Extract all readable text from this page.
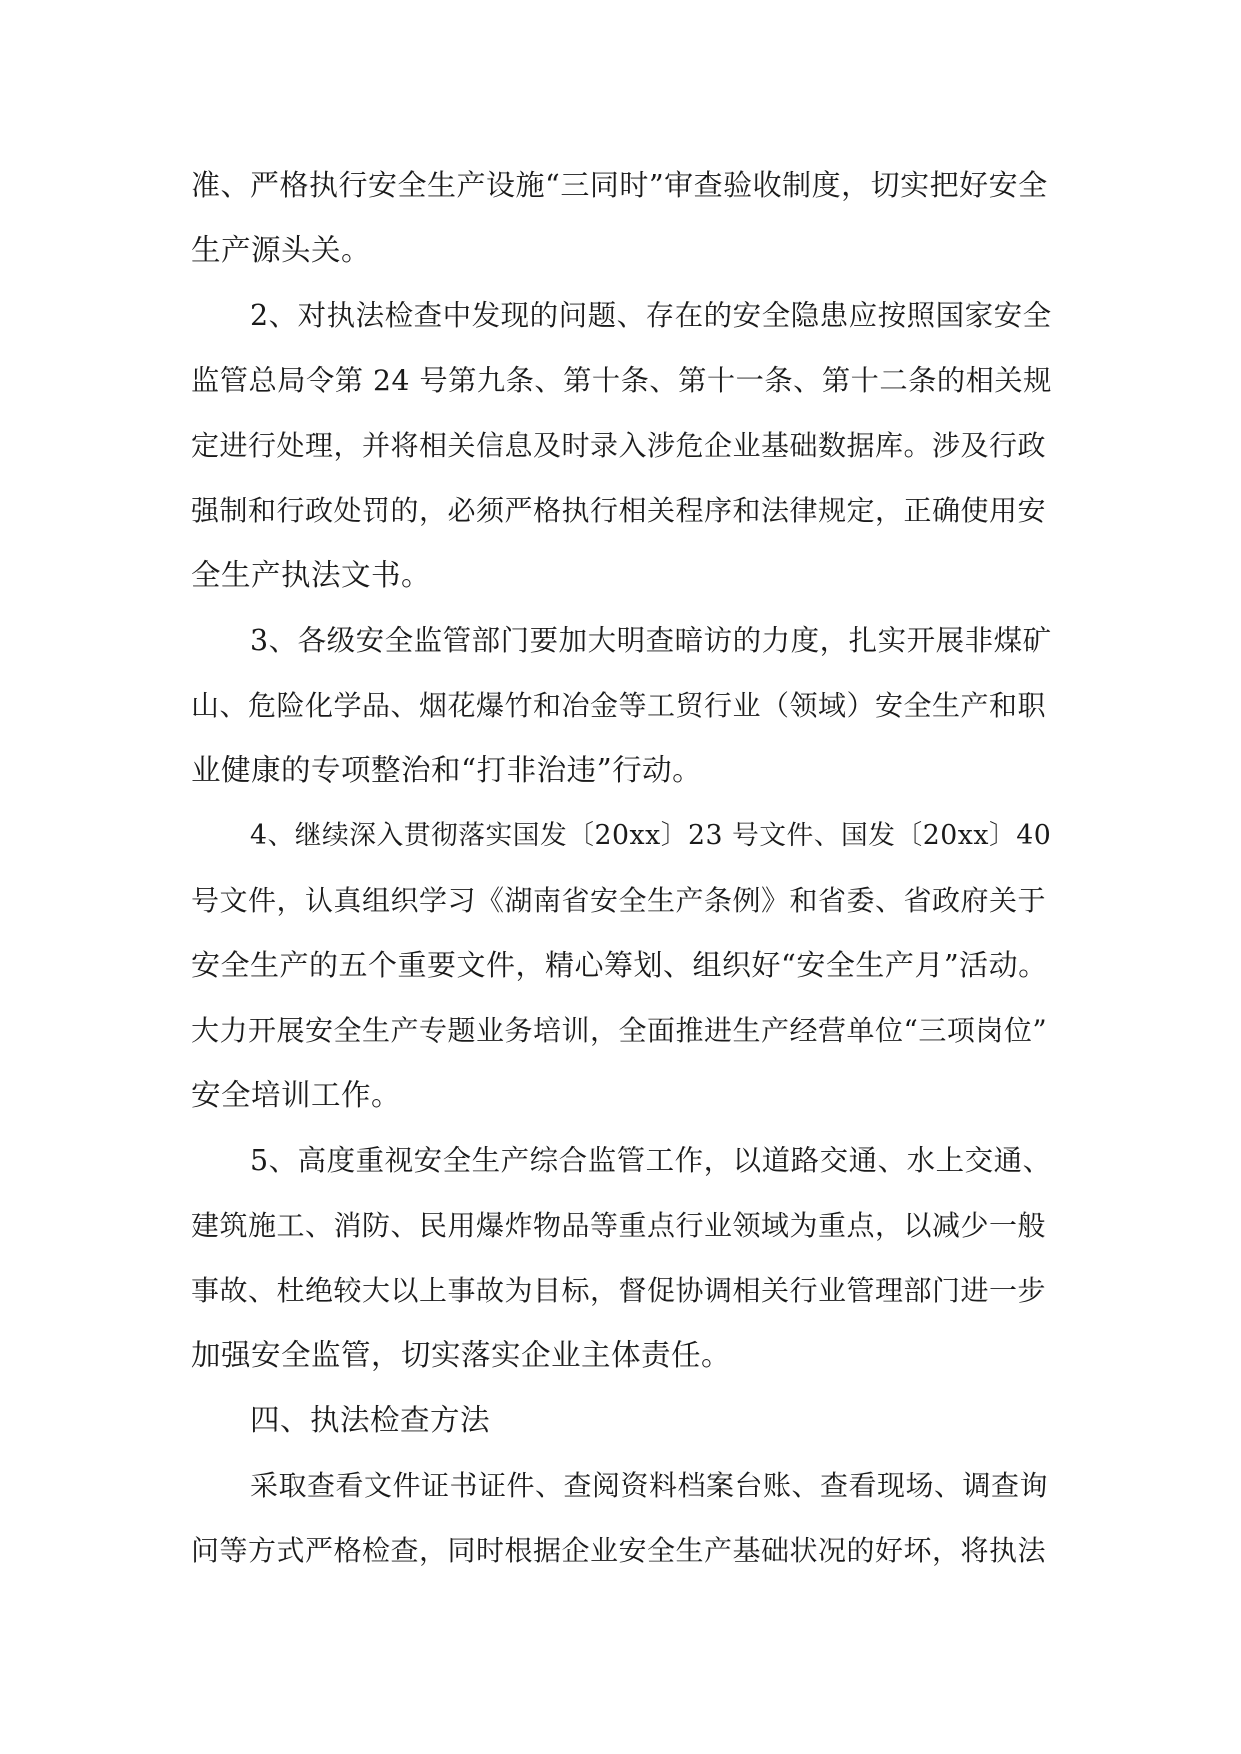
准、严格执行安全生产设施“三同时”审查验收制度，切实把好安全
生产源头关。
2、对执法检查中发现的问题、存在的安全隐患应按照国家安全
监管总局令第 24 号第九条、第十条、第十一条、第十二条的相关规
定进行处理，并将相关信息及时录入涉危企业基础数据库。涉及行政
强制和行政处罚的，必须严格执行相关程序和法律规定，正确使用安
全生产执法文书。
3、各级安全监管部门要加大明查暗访的力度，扎实开展非煤矿
山、危险化学品、烟花爆竹和冶金等工贸行业（领域）安全生产和职
业健康的专项整治和“打非治违”行动。
4、继续深入贯彻落实国发〔20xx〕23 号文件、国发〔20xx〕40
号文件，认真组织学习《湖南省安全生产条例》和省委、省政府关于
安全生产的五个重要文件，精心筹划、组织好“安全生产月”活动。
大力开展安全生产专题业务培训，全面推进生产经营单位“三项岗位”
安全培训工作。
5、高度重视安全生产综合监管工作，以道路交通、水上交通、
建筑施工、消防、民用爆炸物品等重点行业领域为重点，以减少一般
事故、杜绝较大以上事故为目标，督促协调相关行业管理部门进一步
加强安全监管，切实落实企业主体责任。
四、执法检查方法
采取查看文件证书证件、查阅资料档案台账、查看现场、调查询
问等方式严格检查，同时根据企业安全生产基础状况的好坏，将执法
